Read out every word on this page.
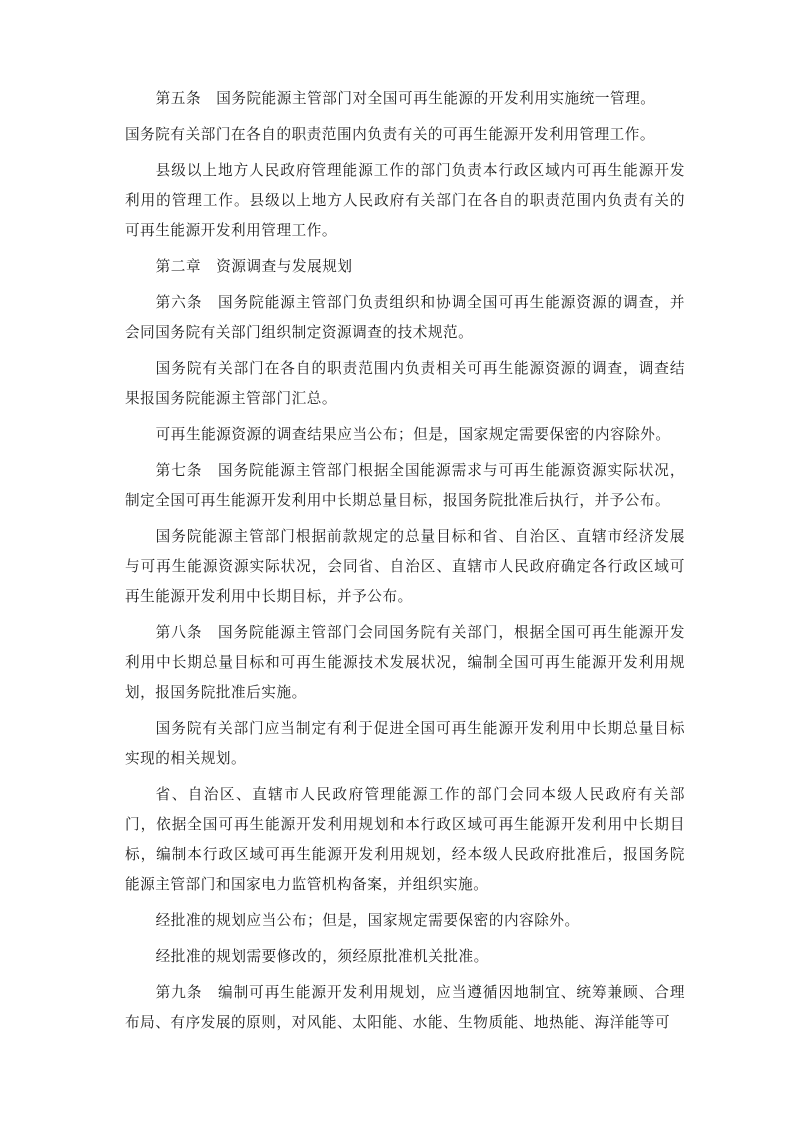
第五条　国务院能源主管部门对全国可再生能源的开发利用实施统一管理。

国务院有关部门在各自的职责范围内负责有关的可再生能源开发利用管理工作。

县级以上地方人民政府管理能源工作的部门负责本行政区域内可再生能源开发利用的管理工作。县级以上地方人民政府有关部门在各自的职责范围内负责有关的可再生能源开发利用管理工作。

第二章　资源调查与发展规划

第六条　国务院能源主管部门负责组织和协调全国可再生能源资源的调查，并会同国务院有关部门组织制定资源调查的技术规范。

国务院有关部门在各自的职责范围内负责相关可再生能源资源的调查，调查结果报国务院能源主管部门汇总。

可再生能源资源的调查结果应当公布；但是，国家规定需要保密的内容除外。

第七条　国务院能源主管部门根据全国能源需求与可再生能源资源实际状况，制定全国可再生能源开发利用中长期总量目标，报国务院批准后执行，并予公布。

国务院能源主管部门根据前款规定的总量目标和省、自治区、直辖市经济发展与可再生能源资源实际状况，会同省、自治区、直辖市人民政府确定各行政区域可再生能源开发利用中长期目标，并予公布。

第八条　国务院能源主管部门会同国务院有关部门，根据全国可再生能源开发利用中长期总量目标和可再生能源技术发展状况，编制全国可再生能源开发利用规划，报国务院批准后实施。

国务院有关部门应当制定有利于促进全国可再生能源开发利用中长期总量目标实现的相关规划。

省、自治区、直辖市人民政府管理能源工作的部门会同本级人民政府有关部门，依据全国可再生能源开发利用规划和本行政区域可再生能源开发利用中长期目标，编制本行政区域可再生能源开发利用规划，经本级人民政府批准后，报国务院能源主管部门和国家电力监管机构备案，并组织实施。

经批准的规划应当公布；但是，国家规定需要保密的内容除外。

经批准的规划需要修改的，须经原批准机关批准。

第九条　编制可再生能源开发利用规划，应当遵循因地制宜、统筹兼顾、合理布局、有序发展的原则，对风能、太阳能、水能、生物质能、地热能、海洋能等可
